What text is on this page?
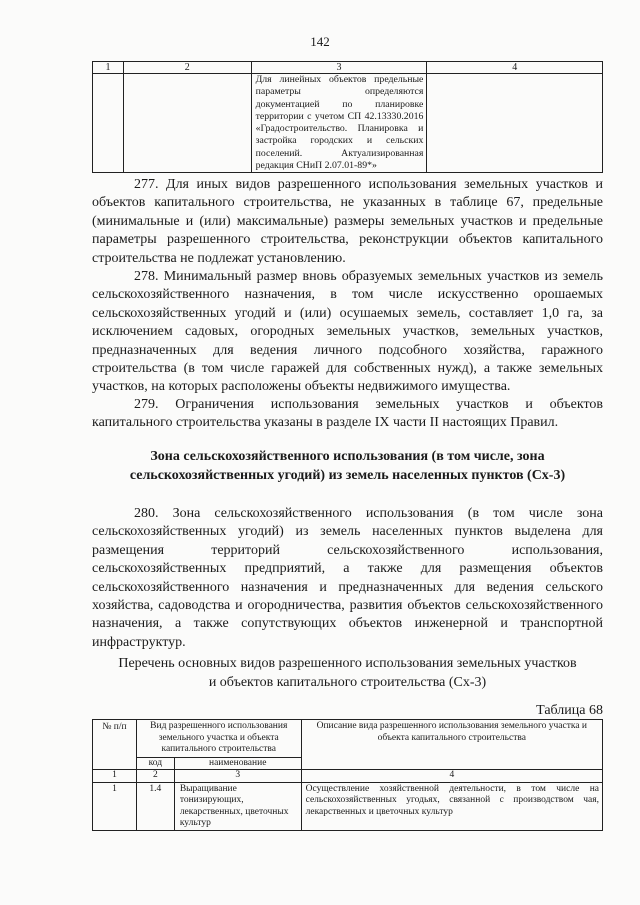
142
1	2	3	4
		Для линейных объектов предельные параметры определяются документацией по планировке территории с учетом СП 42.13330.2016 «Градостроительство. Планировка и застройка городских и сельских поселений. Актуализированная редакция СНиП 2.07.01-89*»	
277. Для иных видов разрешенного использования земельных участков и объектов капитального строительства, не указанных в таблице 67, предельные (минимальные и (или) максимальные) размеры земельных участков и предельные параметры разрешенного строительства, реконструкции объектов капитального строительства не подлежат установлению.
278. Минимальный размер вновь образуемых земельных участков из земель сельскохозяйственного назначения, в том числе искусственно орошаемых сельскохозяйственных угодий и (или) осушаемых земель, составляет 1,0 га, за исключением садовых, огородных земельных участков, земельных участков, предназначенных для ведения личного подсобного хозяйства, гаражного строительства (в том числе гаражей для собственных нужд), а также земельных участков, на которых расположены объекты недвижимого имущества.
279. Ограничения использования земельных участков и объектов капитального строительства указаны в разделе IX части II настоящих Правил.
Зона сельскохозяйственного использования (в том числе, зона
сельскохозяйственных угодий) из земель населенных пунктов (Сх-3)
280. Зона сельскохозяйственного использования (в том числе зона сельскохозяйственных угодий) из земель населенных пунктов выделена для размещения территорий сельскохозяйственного использования, сельскохозяйственных предприятий, а также для размещения объектов сельскохозяйственного назначения и предназначенных для ведения сельского хозяйства, садоводства и огородничества, развития объектов сельскохозяйственного назначения, а также сопутствующих объектов инженерной и транспортной инфраструктур.
Перечень основных видов разрешенного использования земельных участков
и объектов капитального строительства (Сх-3)
Таблица 68
№ п/п	Вид разрешенного использования земельного участка и объекта капитального строительства		Описание вида разрешенного использования земельного участка и объекта капитального строительства
	код	наименование	
1	2	3	4
1	1.4	Выращивание тонизирующих, лекарственных, цветочных культур	Осуществление хозяйственной деятельности, в том числе на сельскохозяйственных угодьях, связанной с производством чая, лекарственных и цветочных культур
